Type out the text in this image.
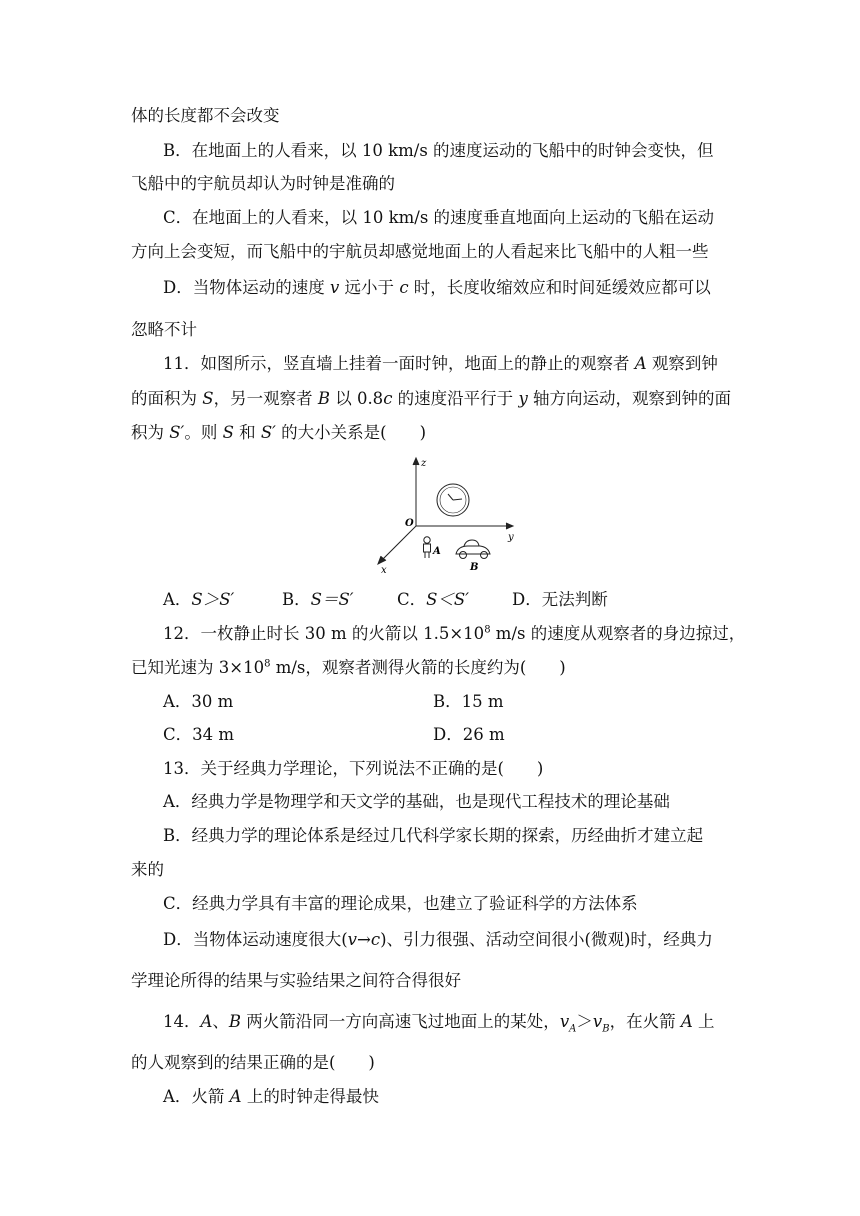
体的长度都不会改变
B．在地面上的人看来，以 10 km/s 的速度运动的飞船中的时钟会变快，但
飞船中的宇航员却认为时钟是准确的
C．在地面上的人看来，以 10 km/s 的速度垂直地面向上运动的飞船在运动
方向上会变短，而飞船中的宇航员却感觉地面上的人看起来比飞船中的人粗一些
D．当物体运动的速度 v 远小于 c 时，长度收缩效应和时间延缓效应都可以
忽略不计
11．如图所示，竖直墙上挂着一面时钟，地面上的静止的观察者 A 观察到钟
的面积为 S，另一观察者 B 以 0.8c 的速度沿平行于 y 轴方向运动，观察到钟的面
积为 S′。则 S 和 S′ 的大小关系是(　　)
z
y
x
O
A
B
A．S＞S′	B．S＝S′	C．S＜S′	D．无法判断
12．一枚静止时长 30 m 的火箭以 $1.5\times 10^8$ m/s 的速度从观察者的身边掠过，
已知光速为 $3\times 10^8$ m/s，观察者测得火箭的长度约为(　　)
A．30 m	B．15 m
C．34 m	D．26 m
13．关于经典力学理论，下列说法不正确的是(　　)
A．经典力学是物理学和天文学的基础，也是现代工程技术的理论基础
B．经典力学的理论体系是经过几代科学家长期的探索，历经曲折才建立起
来的
C．经典力学具有丰富的理论成果，也建立了验证科学的方法体系
D．当物体运动速度很大(v→c)、引力很强、活动空间很小(微观)时，经典力
学理论所得的结果与实验结果之间符合得很好
14．A、B 两火箭沿同一方向高速飞过地面上的某处，$v_A>v_B$，在火箭 A 上
的人观察到的结果正确的是(　　)
A．火箭 A 上的时钟走得最快
